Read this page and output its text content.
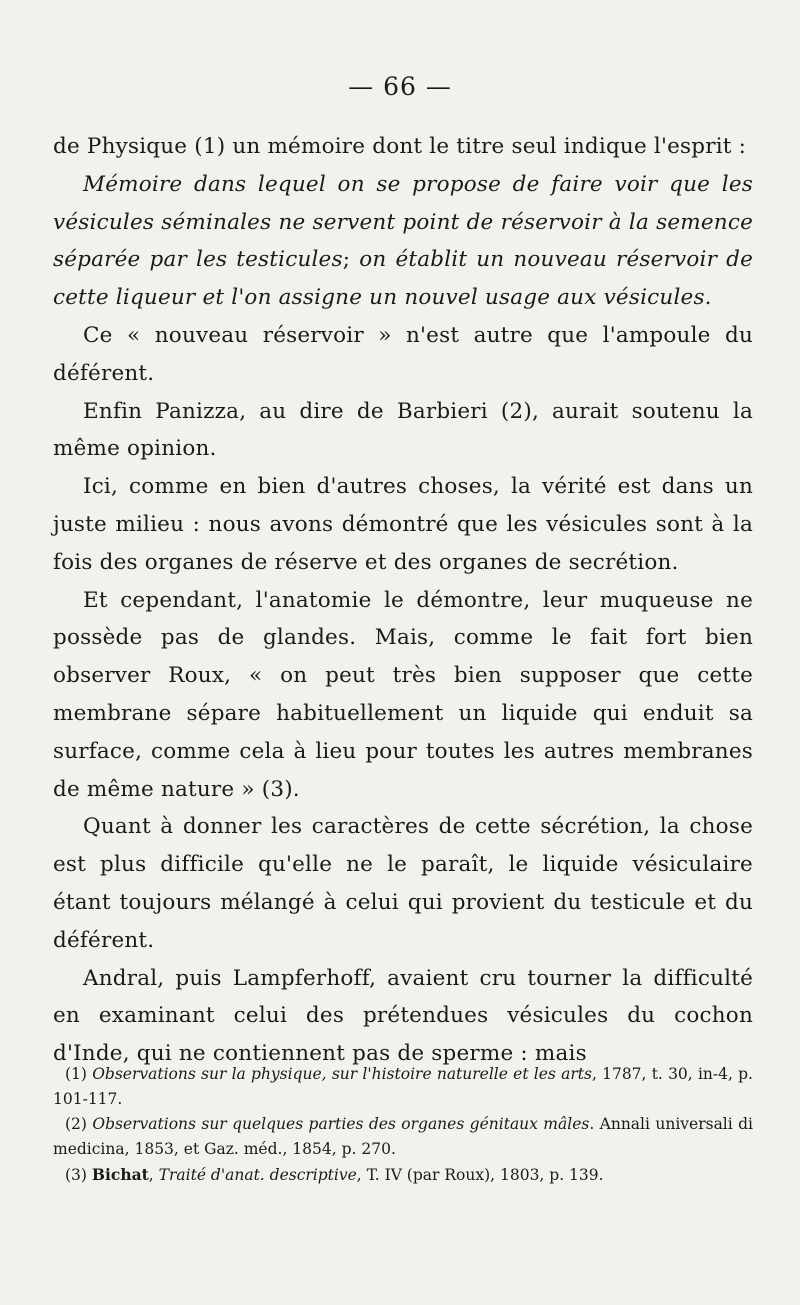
— 66 —

de Physique (1) un mémoire dont le titre seul indique l'esprit :

Mémoire dans lequel on se propose de faire voir que les vésicules séminales ne servent point de réservoir à la semence séparée par les testicules; on établit un nouveau réservoir de cette liqueur et l'on assigne un nouvel usage aux vésicules.

Ce « nouveau réservoir » n'est autre que l'ampoule du déférent.

Enfin Panizza, au dire de Barbieri (2), aurait soutenu la même opinion.

Ici, comme en bien d'autres choses, la vérité est dans un juste milieu : nous avons démontré que les vésicules sont à la fois des organes de réserve et des organes de secrétion.

Et cependant, l'anatomie le démontre, leur muqueuse ne possède pas de glandes. Mais, comme le fait fort bien observer Roux, « on peut très bien supposer que cette membrane sépare habituellement un liquide qui enduit sa surface, comme cela à lieu pour toutes les autres membranes de même nature » (3).

Quant à donner les caractères de cette sécrétion, la chose est plus difficile qu'elle ne le paraît, le liquide vésiculaire étant toujours mélangé à celui qui provient du testicule et du déférent.

Andral, puis Lampferhoff, avaient cru tourner la difficulté en examinant celui des prétendues vésicules du cochon d'Inde, qui ne contiennent pas de sperme : mais

(1) Observations sur la physique, sur l'histoire naturelle et les arts, 1787, t. 30, in-4, p. 101-117.

(2) Observations sur quelques parties des organes génitaux mâles. Annali universali di medicina, 1853, et Gaz. méd., 1854, p. 270.

(3) Bichat, Traité d'anat. descriptive, T. IV (par Roux), 1803, p. 139.
